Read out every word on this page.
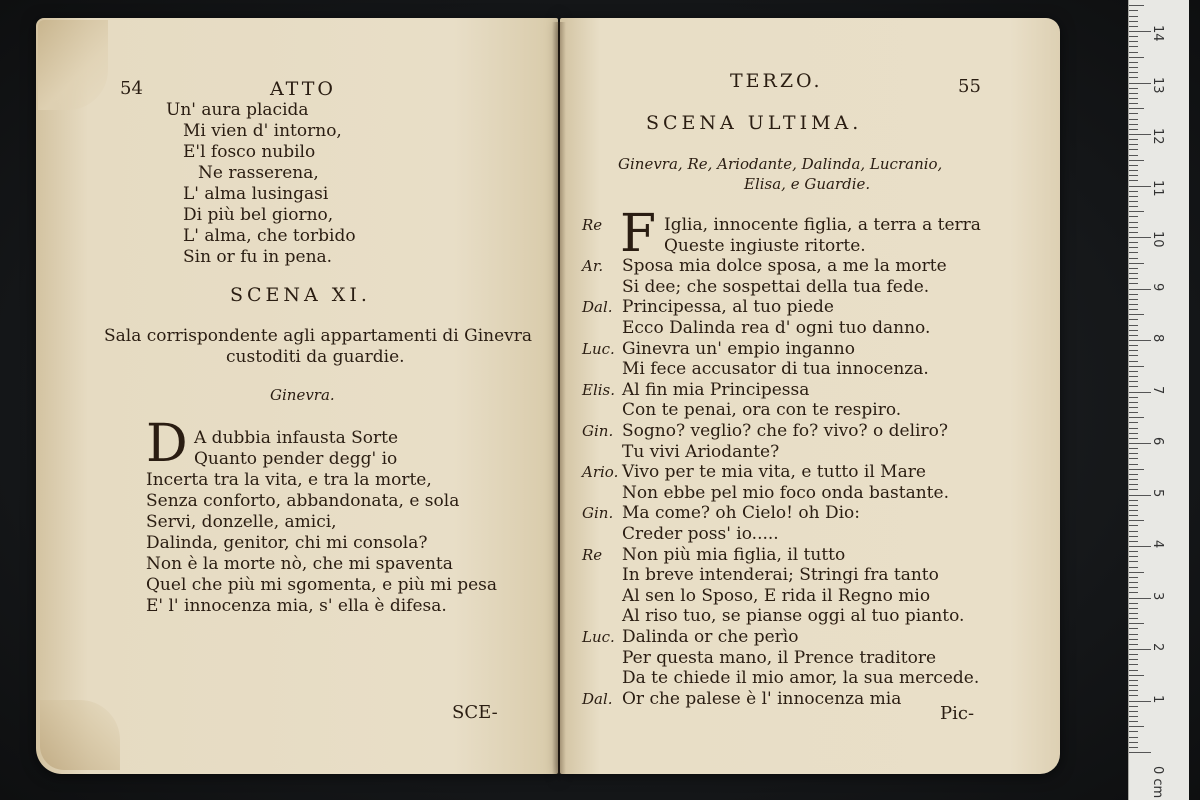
54	ATTO
Un' aura placida
Mi vien d' intorno,
E'l fosco nubilo
Ne rasserena,
L' alma lusingasi
Di più bel giorno,
L' alma, che torbido
Sin or fu in pena.
SCENA XI.
Sala corrispondente agli appartamenti di Ginevra
custoditi da guardie.
Ginevra.
D A dubbia infausta Sorte
Quanto pender degg' io
Incerta tra la vita, e tra la morte,
Senza conforto, abbandonata, e sola
Servi, donzelle, amici,
Dalinda, genitor, chi mi consola?
Non è la morte nò, che mi spaventa
Quel che più mi sgomenta, e più mi pesa
E' l' innocenza mia, s' ella è difesa.
SCE-
TERZO.	55
SCENA ULTIMA.
Ginevra, Re, Ariodante, Dalinda, Lucranio,
Elisa, e Guardie.
F
Re	Iglia, innocente figlia, a terra a terra
Queste ingiuste ritorte.
Ar. Sposa mia dolce sposa, a me la morte
Si dee; che sospettai della tua fede.
Dal. Principessa, al tuo piede
Ecco Dalinda rea d' ogni tuo danno.
Luc. Ginevra un' empio inganno
Mi fece accusator di tua innocenza.
Elis. Al fin mia Principessa
Con te penai, ora con te respiro.
Gin. Sogno? veglio? che fo? vivo? o deliro?
Tu vivi Ariodante?
Ario. Vivo per te mia vita, e tutto il Mare
Non ebbe pel mio foco onda bastante.
Gin. Ma come? oh Cielo! oh Dio:
Creder poss' io.....
Re Non più mia figlia, il tutto
In breve intenderai; Stringi fra tanto
Al sen lo Sposo, E rida il Regno mio
Al riso tuo, se pianse oggi al tuo pianto.
Luc. Dalinda or che perìo
Per questa mano, il Prence traditore
Da te chiede il mio amor, la sua mercede.
Dal. Or che palese è l' innocenza mia
Pic-
0 cm
1
2
3
4
5
6
7
8
9
10
11
12
13
14
